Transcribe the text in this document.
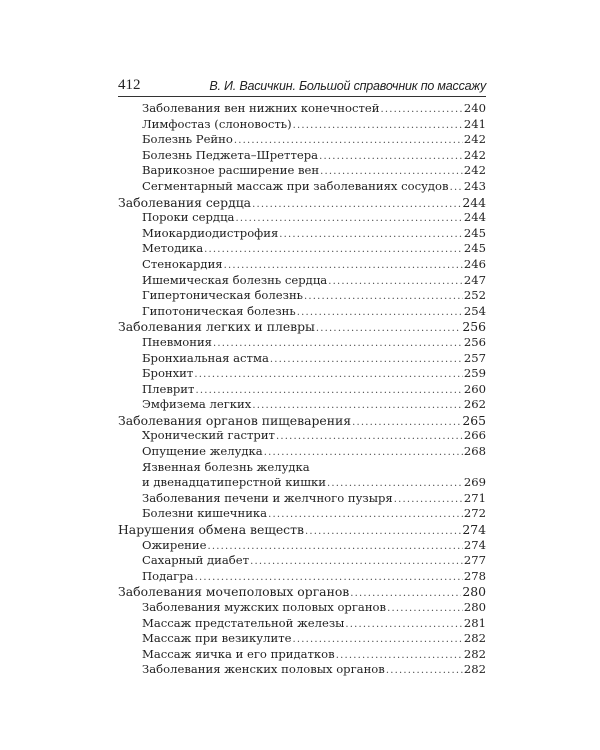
412	В. И. Васичкин. Большой справочник по массажу
Заболевания вен нижних конечностей .....	240
Лимфостаз (слоновость) .....	241
Болезнь Рейно .....	242
Болезнь Педжета–Шреттера .....	242
Варикозное расширение вен .....	242
Сегментарный массаж при заболеваниях сосудов ..... 243
Заболевания сердца .....	244
Пороки сердца .....	244
Миокардиодистрофия .....	245
Методика .....	245
Стенокардия .....	246
Ишемическая болезнь сердца .....	247
Гипертоническая болезнь .....	252
Гипотоническая болезнь .....	254
Заболевания легких и плевры .....	256
Пневмония .....	256
Бронхиальная астма .....	257
Бронхит .....	259
Плеврит .....	260
Эмфизема легких .....	262
Заболевания органов пищеварения .....	265
Хронический гастрит .....	266
Опущение желудка .....	268
Язвенная болезнь желудка
и двенадцатиперстной кишки .....	269
Заболевания печени и желчного пузыря .....	271
Болезни кишечника .....	272
Нарушения обмена веществ .....	274
Ожирение .....	274
Сахарный диабет .....	277
Подагра .....	278
Заболевания мочеполовых органов .....	280
Заболевания мужских половых органов .....	280
Массаж предстательной железы .....	281
Массаж при везикулите .....	282
Массаж яичка и его придатков .....	282
Заболевания женских половых органов .....	282
